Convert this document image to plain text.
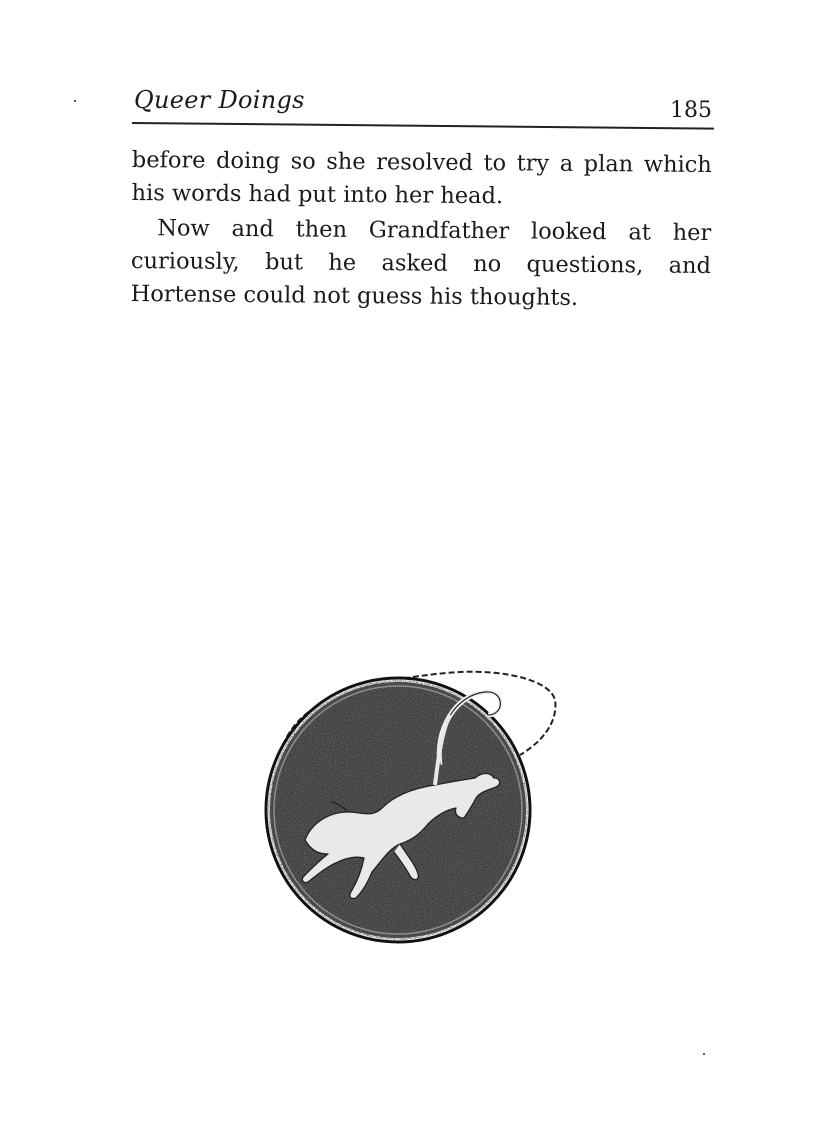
Queer Doings	185

before doing so she resolved to try a plan which his words had put into her head.

Now and then Grandfather looked at her curiously, but he asked no questions, and Hortense could not guess his thoughts.
